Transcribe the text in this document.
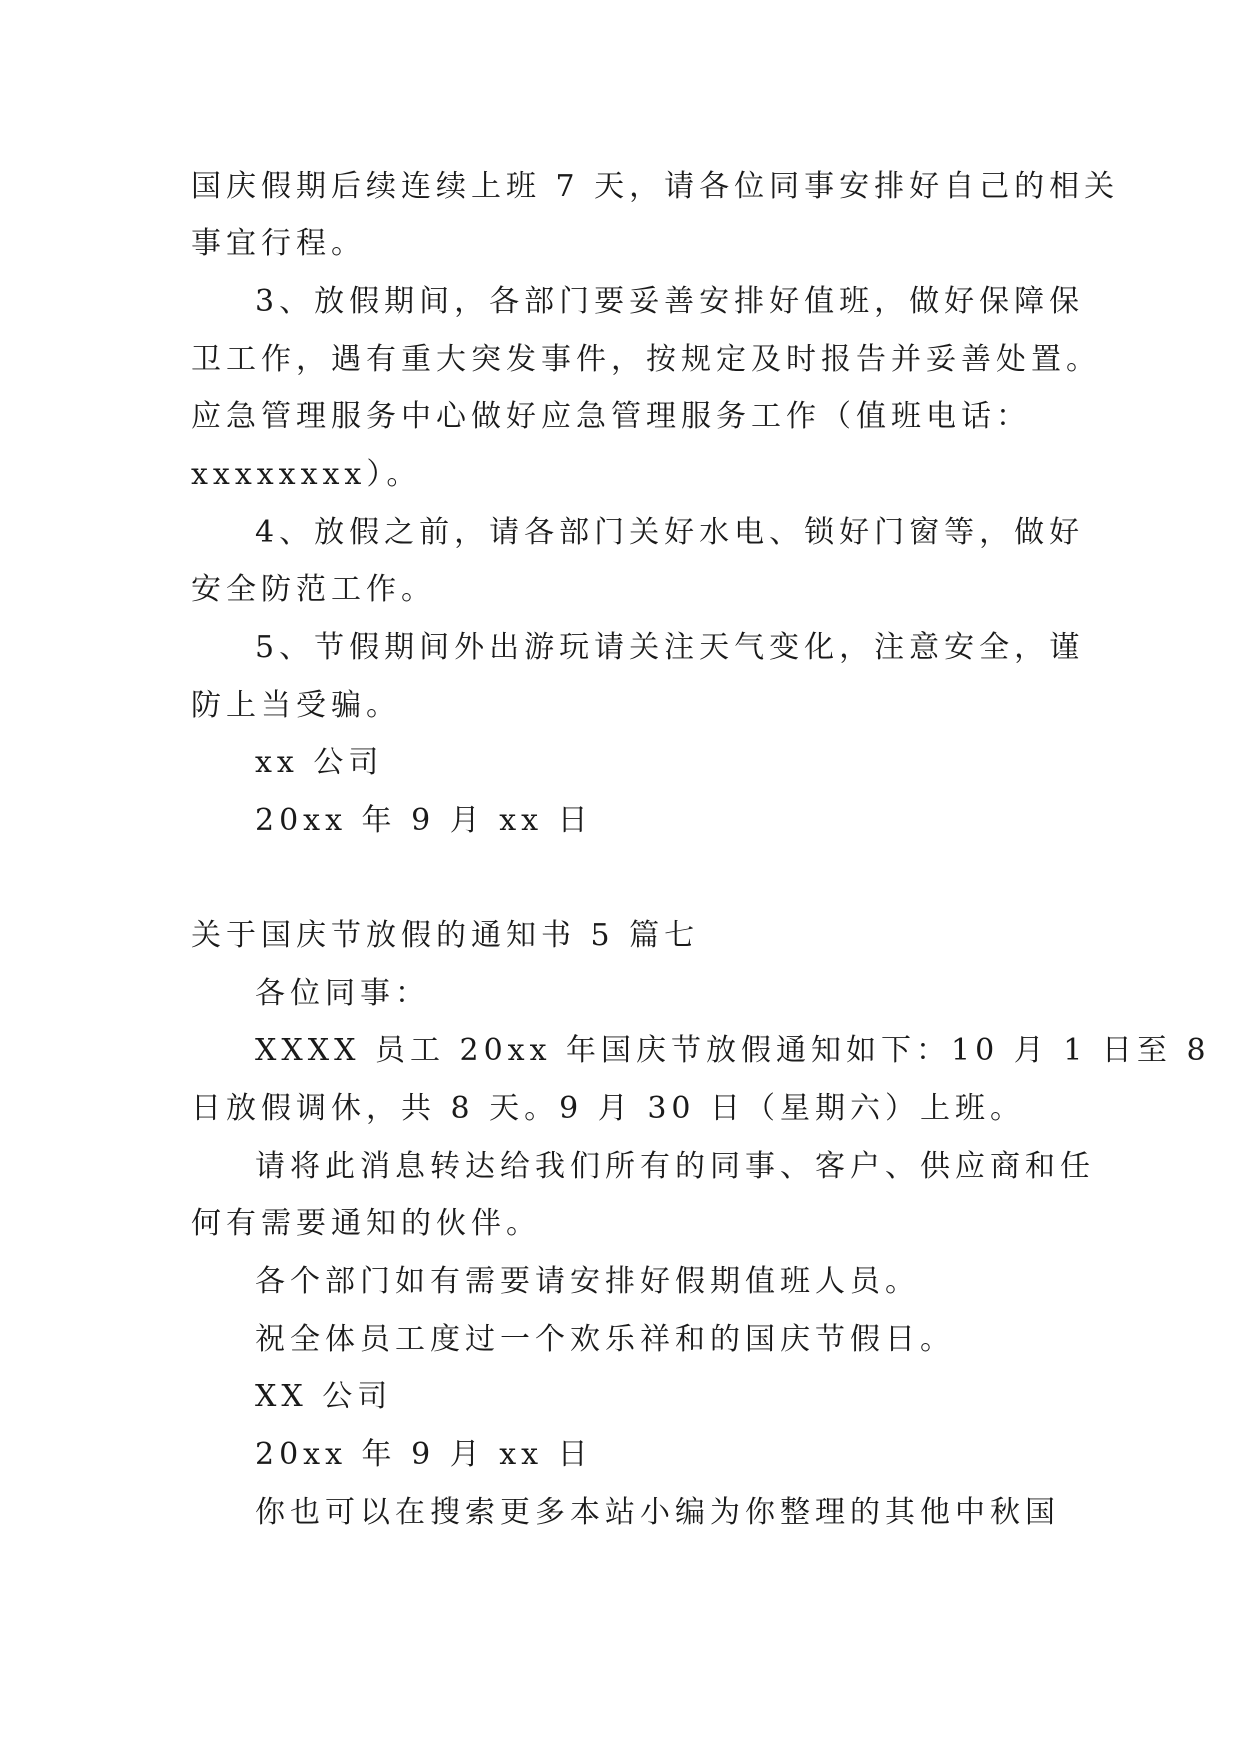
国庆假期后续连续上班 7 天，请各位同事安排好自己的相关
事宜行程。
3、放假期间，各部门要妥善安排好值班，做好保障保
卫工作，遇有重大突发事件，按规定及时报告并妥善处置。
应急管理服务中心做好应急管理服务工作（值班电话：
xxxxxxxx）。
4、放假之前，请各部门关好水电、锁好门窗等，做好
安全防范工作。
5、节假期间外出游玩请关注天气变化，注意安全，谨
防上当受骗。
xx 公司
20xx 年 9 月 xx 日
关于国庆节放假的通知书 5 篇七
各位同事：
XXXX 员工 20xx 年国庆节放假通知如下：10 月 1 日至 8
日放假调休，共 8 天。9 月 30 日（星期六）上班。
请将此消息转达给我们所有的同事、客户、供应商和任
何有需要通知的伙伴。
各个部门如有需要请安排好假期值班人员。
祝全体员工度过一个欢乐祥和的国庆节假日。
XX 公司
20xx 年 9 月 xx 日
你也可以在搜索更多本站小编为你整理的其他中秋国
